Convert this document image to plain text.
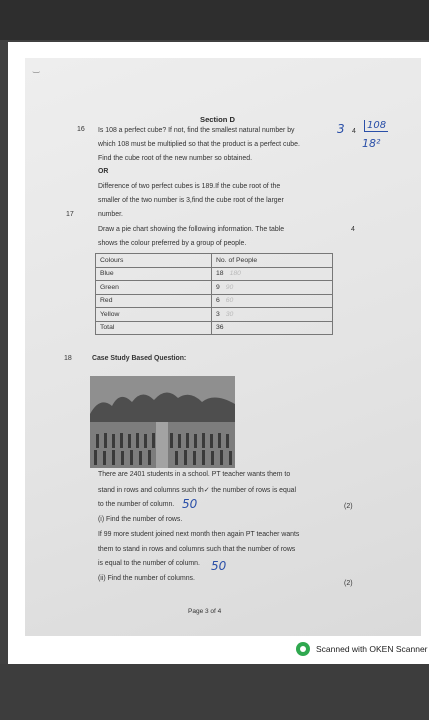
‿
Section D
16 Is 108 a perfect cube? If not, find the smallest natural number by
which 108 must be multiplied so that the product is a perfect cube.
Find the cube root of the new number so obtained.
OR
Difference of two perfect cubes is 189.If the cube root of the
smaller of the two number is 3,find the cube root of the larger
4
3	108
18²
17	number.
Draw a pie chart showing the following information. The table
shows the colour preferred by a group of people.
4
Colours	No. of People
Blue	18 180
Green	9 90
Red	6 60
Yellow	3 30
Total	36
18	Case Study Based Question:
There are 2401 students in a school. PT teacher wants them to
stand in rows and columns such th✓ the number of rows is equal
to the number of column. 50	(2)
(i) Find the number of rows.
If 99 more student joined next month then again PT teacher wants
them to stand in rows and columns such that the number of rows
is equal to the number of column. 50
(ii) Find the number of columns.
(2)
Page 3 of 4
Scanned with OKEN Scanner
